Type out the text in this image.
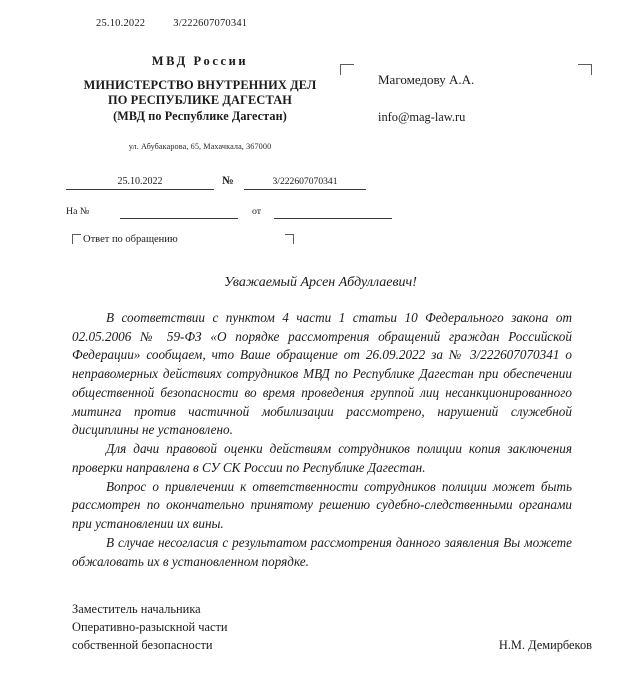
25.10.2022	3/222607070341
МВД России
МИНИСТЕРСТВО ВНУТРЕННИХ ДЕЛ
ПО РЕСПУБЛИКЕ ДАГЕСТАН
(МВД по Республике Дагестан)
ул. Абубакарова, 65, Махачкала, 367000
Магомедову А.А.
info@mag-law.ru
25.10.2022	№	3/222607070341
На №	от
Ответ по обращению
Уважаемый Арсен Абдуллаевич!

В соответствии с пунктом 4 части 1 статьи 10 Федерального закона от 02.05.2006 № 59-ФЗ «О порядке рассмотрения обращений граждан Российской Федерации» сообщаем, что Ваше обращение от 26.09.2022 за № 3/222607070341 о неправомерных действиях сотрудников МВД по Республике Дагестан при обеспечении общественной безопасности во время проведения группой лиц несанкционированного митинга против частичной мобилизации рассмотрено, нарушений служебной дисциплины не установлено.

Для дачи правовой оценки действиям сотрудников полиции копия заключения проверки направлена в СУ СК России по Республике Дагестан.

Вопрос о привлечении к ответственности сотрудников полиции может быть рассмотрен по окончательно принятому решению судебно-следственными органами при установлении их вины.

В случае несогласия с результатом рассмотрения данного заявления Вы можете обжаловать их в установленном порядке.

Заместитель начальника
Оперативно-разыскной части
собственной безопасности	Н.М. Демирбеков
